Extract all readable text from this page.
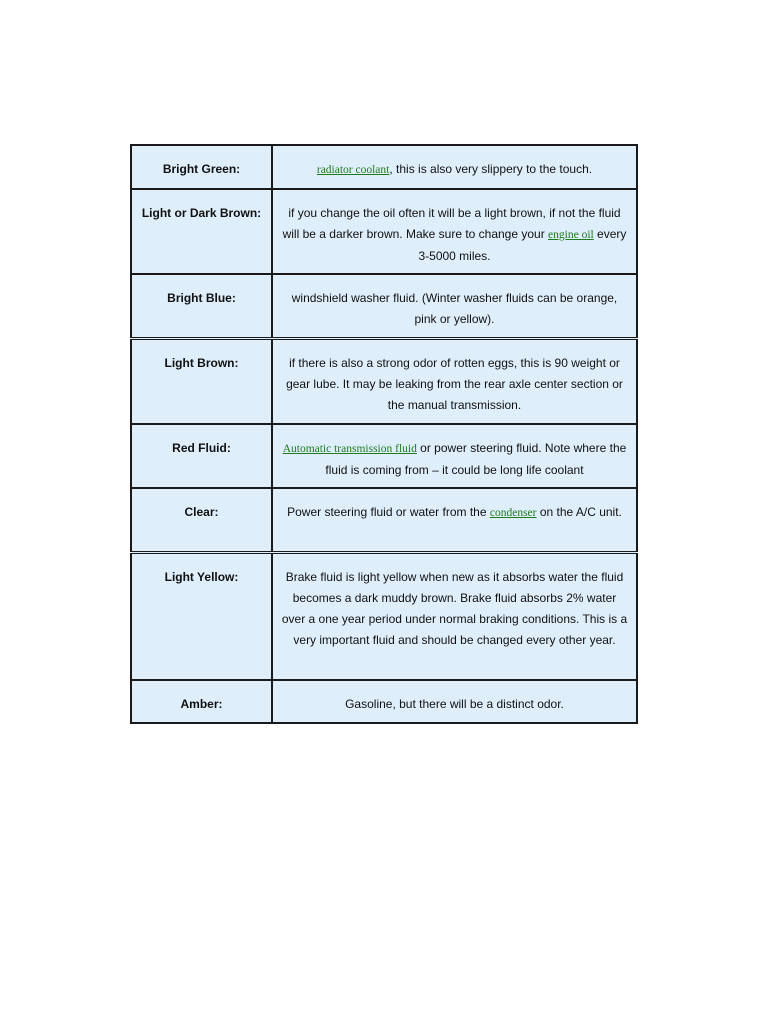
Bright Green:	radiator coolant, this is also very slippery to the touch.
Light or Dark Brown:	if you change the oil often it will be a light brown, if not the fluid will be a darker brown. Make sure to change your engine oil every 3-5000 miles.
Bright Blue:	windshield washer fluid. (Winter washer fluids can be orange, pink or yellow).
Light Brown:	if there is also a strong odor of rotten eggs, this is 90 weight or gear lube. It may be leaking from the rear axle center section or the manual transmission.
Red Fluid:	Automatic transmission fluid or power steering fluid. Note where the fluid is coming from – it could be long life coolant
Clear:	Power steering fluid or water from the condenser on the A/C unit.
Light Yellow:	Brake fluid is light yellow when new as it absorbs water the fluid becomes a dark muddy brown. Brake fluid absorbs 2% water over a one year period under normal braking conditions. This is a very important fluid and should be changed every other year.
Amber:	Gasoline, but there will be a distinct odor.
